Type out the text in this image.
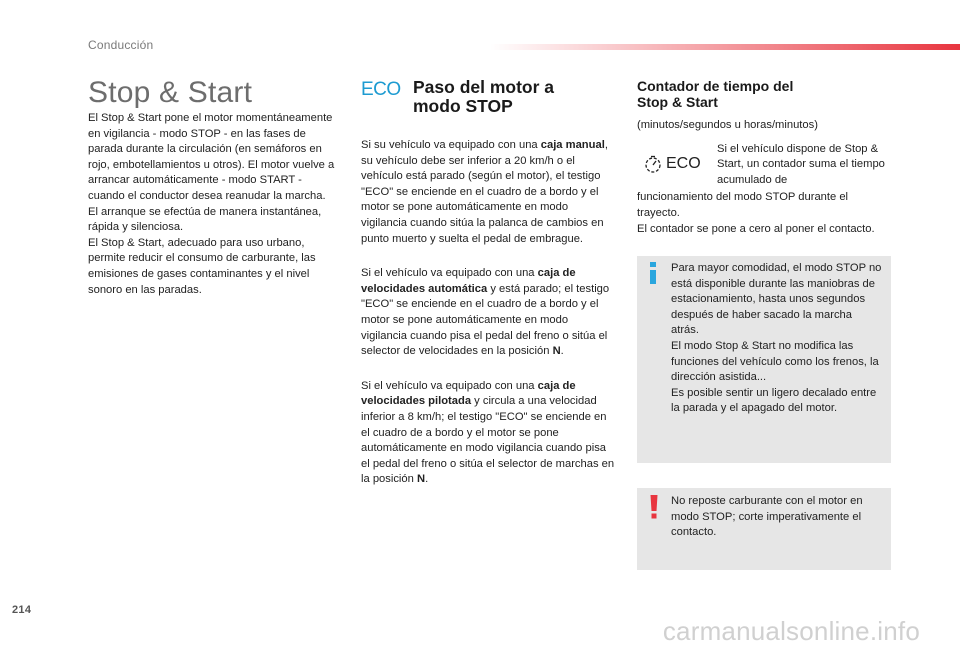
Conducción
Stop & Start

El Stop & Start pone el motor momentáneamente en vigilancia - modo STOP - en las fases de parada durante la circulación (en semáforos en rojo, embotellamientos u otros). El motor vuelve a arrancar automáticamente - modo START - cuando el conductor desea reanudar la marcha. El arranque se efectúa de manera instantánea, rápida y silenciosa.

El Stop & Start, adecuado para uso urbano, permite reducir el consumo de carburante, las emisiones de gases contaminantes y el nivel sonoro en las paradas.

ECO Paso del motor a
modo STOP

Si su vehículo va equipado con una caja manual, su vehículo debe ser inferior a 20 km/h o el vehículo está parado (según el motor), el testigo "ECO" se enciende en el cuadro de a bordo y el motor se pone automáticamente en modo vigilancia cuando sitúa la palanca de cambios en punto muerto y suelta el pedal de embrague.

Si el vehículo va equipado con una caja de velocidades automática y está parado; el testigo "ECO" se enciende en el cuadro de a bordo y el motor se pone automáticamente en modo vigilancia cuando pisa el pedal del freno o sitúa el selector de velocidades en la posición N.

Si el vehículo va equipado con una caja de velocidades pilotada y circula a una velocidad inferior a 8 km/h; el testigo "ECO" se enciende en el cuadro de a bordo y el motor se pone automáticamente en modo vigilancia cuando pisa el pedal del freno o sitúa el selector de marchas en la posición N.

Contador de tiempo del
Stop & Start

(minutos/segundos u horas/minutos)

ECO

Si el vehículo dispone de Stop & Start, un contador suma el tiempo acumulado de

funcionamiento del modo STOP durante el trayecto.

El contador se pone a cero al poner el contacto.

Para mayor comodidad, el modo STOP no está disponible durante las maniobras de estacionamiento, hasta unos segundos después de haber sacado la marcha atrás.

El modo Stop & Start no modifica las funciones del vehículo como los frenos, la dirección asistida...

Es posible sentir un ligero decalado entre la parada y el apagado del motor.

No reposte carburante con el motor en modo STOP; corte imperativamente el contacto.

214
carmanualsonline.info
